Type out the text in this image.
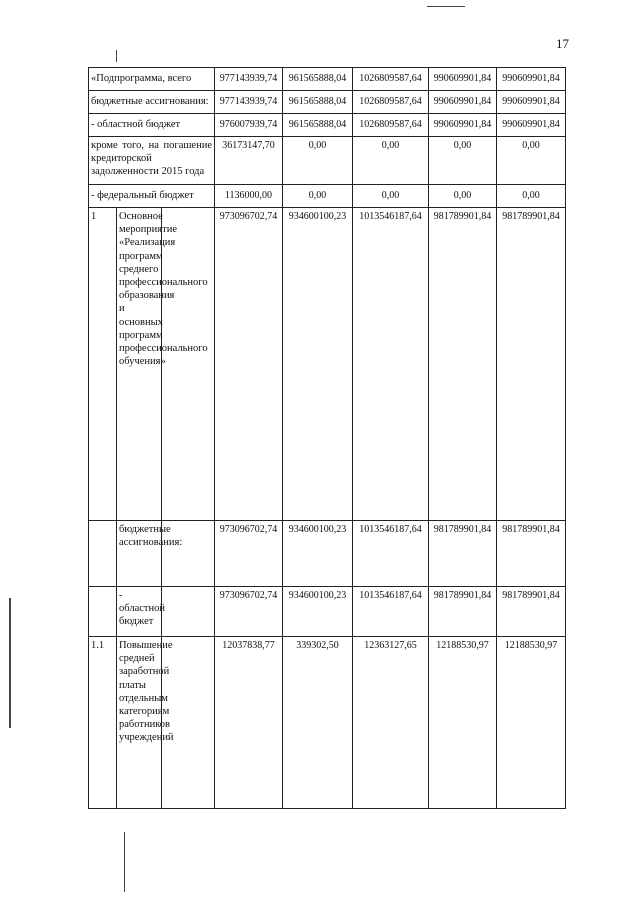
17
«Подпрограмма, всего			977143939,74	961565888,04	1026809587,64	990609901,84	990609901,84
бюджетные ассигнования:			977143939,74	961565888,04	1026809587,64	990609901,84	990609901,84
- областной бюджет			976007939,74	961565888,04	1026809587,64	990609901,84	990609901,84
кроме того, на погашение кредиторской задолженности 2015 года			36173147,70	0,00	0,00	0,00	0,00
- федеральный бюджет			1136000,00	0,00	0,00	0,00	0,00
1	Основное мероприятие «Реализация программ среднего профессионального образования и основных программ профессионального обучения»		973096702,74	934600100,23	1013546187,64	981789901,84	981789901,84
	бюджетные ассигнования:		973096702,74	934600100,23	1013546187,64	981789901,84	981789901,84
	- областной бюджет		973096702,74	934600100,23	1013546187,64	981789901,84	981789901,84
1.1	Повышение средней заработной платы отдельным категориям работников учреждений		12037838,77	339302,50	12363127,65	12188530,97	12188530,97
